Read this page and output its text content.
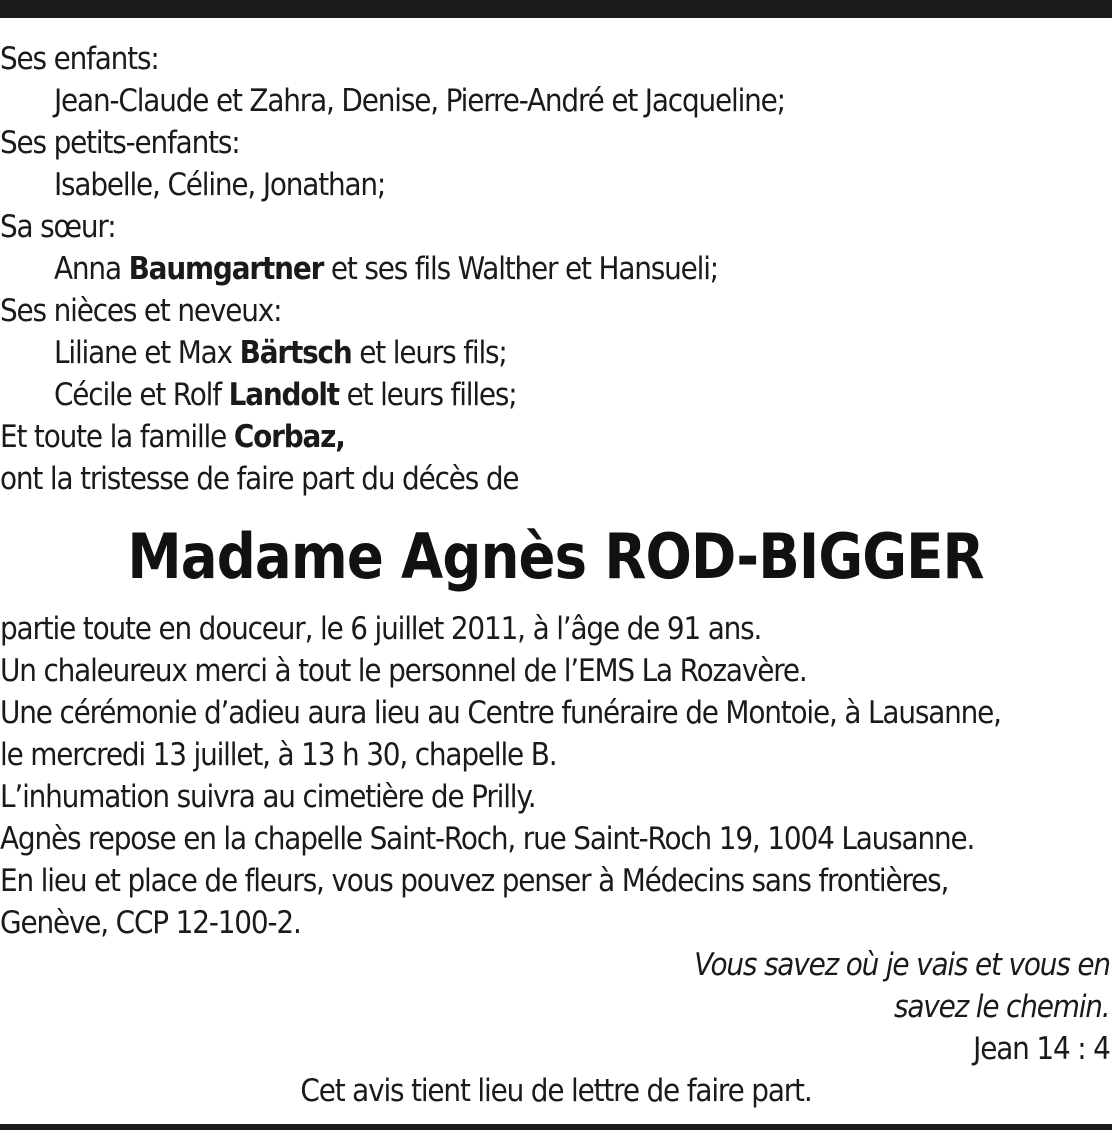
Ses enfants:
Jean-Claude et Zahra, Denise, Pierre-André et Jacqueline;
Ses petits-enfants:
Isabelle, Céline, Jonathan;
Sa sœur:
Anna Baumgartner et ses fils Walther et Hansueli;
Ses nièces et neveux:
Liliane et Max Bärtsch et leurs fils;
Cécile et Rolf Landolt et leurs filles;
Et toute la famille Corbaz,
ont la tristesse de faire part du décès de
Madame Agnès ROD-BIGGER
partie toute en douceur, le 6 juillet 2011, à l’âge de 91 ans.
Un chaleureux merci à tout le personnel de l’EMS La Rozavère.
Une cérémonie d’adieu aura lieu au Centre funéraire de Montoie, à Lausanne,
le mercredi 13 juillet, à 13 h 30, chapelle B.
L’inhumation suivra au cimetière de Prilly.
Agnès repose en la chapelle Saint-Roch, rue Saint-Roch 19, 1004 Lausanne.
En lieu et place de fleurs, vous pouvez penser à Médecins sans frontières,
Genève, CCP 12-100-2.
Vous savez où je vais et vous en
savez le chemin.
Jean 14 : 4
Cet avis tient lieu de lettre de faire part.
